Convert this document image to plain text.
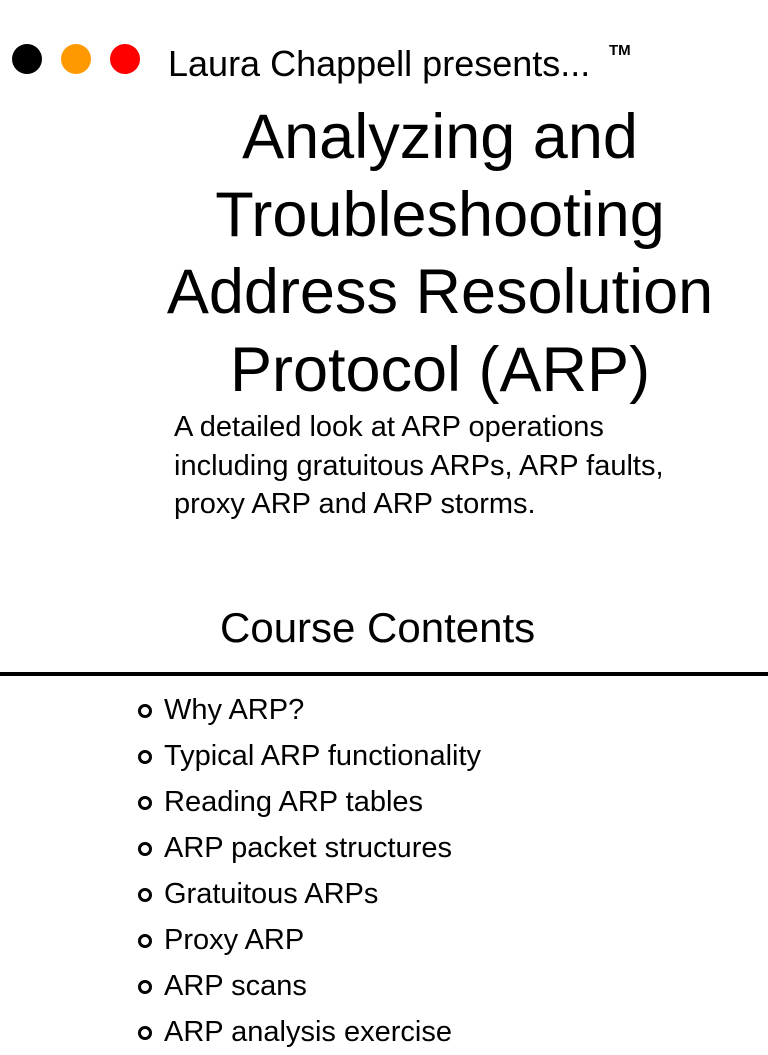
Laura Chappell presents... TM
Analyzing and Troubleshooting Address Resolution Protocol (ARP)

A detailed look at ARP operations including gratuitous ARPs, ARP faults, proxy ARP and ARP storms.

Course Contents
Why ARP?
Typical ARP functionality
Reading ARP tables
ARP packet structures
Gratuitous ARPs
Proxy ARP
ARP scans
ARP analysis exercise
